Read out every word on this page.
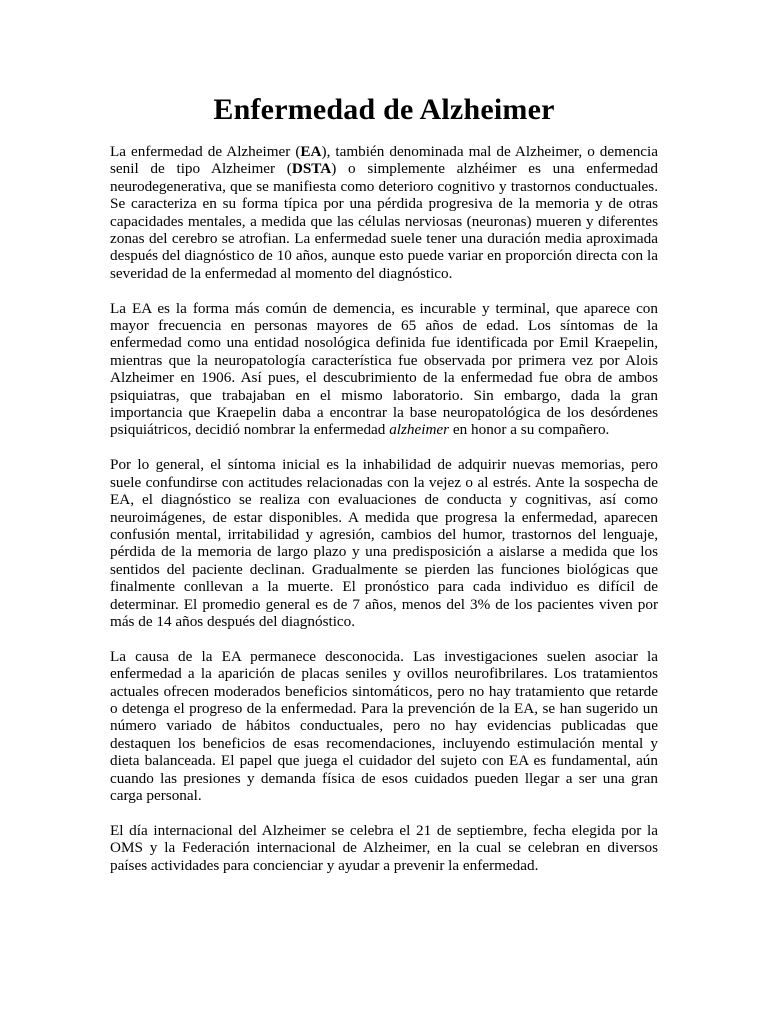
Enfermedad de Alzheimer

La enfermedad de Alzheimer (EA), también denominada mal de Alzheimer, o demencia senil de tipo Alzheimer (DSTA) o simplemente alzhéimer es una enfermedad neurodegenerativa, que se manifiesta como deterioro cognitivo y trastornos conductuales. Se caracteriza en su forma típica por una pérdida progresiva de la memoria y de otras capacidades mentales, a medida que las células nerviosas (neuronas) mueren y diferentes zonas del cerebro se atrofian. La enfermedad suele tener una duración media aproximada después del diagnóstico de 10 años, aunque esto puede variar en proporción directa con la severidad de la enfermedad al momento del diagnóstico.

La EA es la forma más común de demencia, es incurable y terminal, que aparece con mayor frecuencia en personas mayores de 65 años de edad. Los síntomas de la enfermedad como una entidad nosológica definida fue identificada por Emil Kraepelin, mientras que la neuropatología característica fue observada por primera vez por Alois Alzheimer en 1906. Así pues, el descubrimiento de la enfermedad fue obra de ambos psiquiatras, que trabajaban en el mismo laboratorio. Sin embargo, dada la gran importancia que Kraepelin daba a encontrar la base neuropatológica de los desórdenes psiquiátricos, decidió nombrar la enfermedad alzheimer en honor a su compañero.

Por lo general, el síntoma inicial es la inhabilidad de adquirir nuevas memorias, pero suele confundirse con actitudes relacionadas con la vejez o al estrés. Ante la sospecha de EA, el diagnóstico se realiza con evaluaciones de conducta y cognitivas, así como neuroimágenes, de estar disponibles. A medida que progresa la enfermedad, aparecen confusión mental, irritabilidad y agresión, cambios del humor, trastornos del lenguaje, pérdida de la memoria de largo plazo y una predisposición a aislarse a medida que los sentidos del paciente declinan. Gradualmente se pierden las funciones biológicas que finalmente conllevan a la muerte. El pronóstico para cada individuo es difícil de determinar. El promedio general es de 7 años, menos del 3% de los pacientes viven por más de 14 años después del diagnóstico.

La causa de la EA permanece desconocida. Las investigaciones suelen asociar la enfermedad a la aparición de placas seniles y ovillos neurofibrilares. Los tratamientos actuales ofrecen moderados beneficios sintomáticos, pero no hay tratamiento que retarde o detenga el progreso de la enfermedad. Para la prevención de la EA, se han sugerido un número variado de hábitos conductuales, pero no hay evidencias publicadas que destaquen los beneficios de esas recomendaciones, incluyendo estimulación mental y dieta balanceada. El papel que juega el cuidador del sujeto con EA es fundamental, aún cuando las presiones y demanda física de esos cuidados pueden llegar a ser una gran carga personal.

El día internacional del Alzheimer se celebra el 21 de septiembre, fecha elegida por la OMS y la Federación internacional de Alzheimer, en la cual se celebran en diversos países actividades para concienciar y ayudar a prevenir la enfermedad.
